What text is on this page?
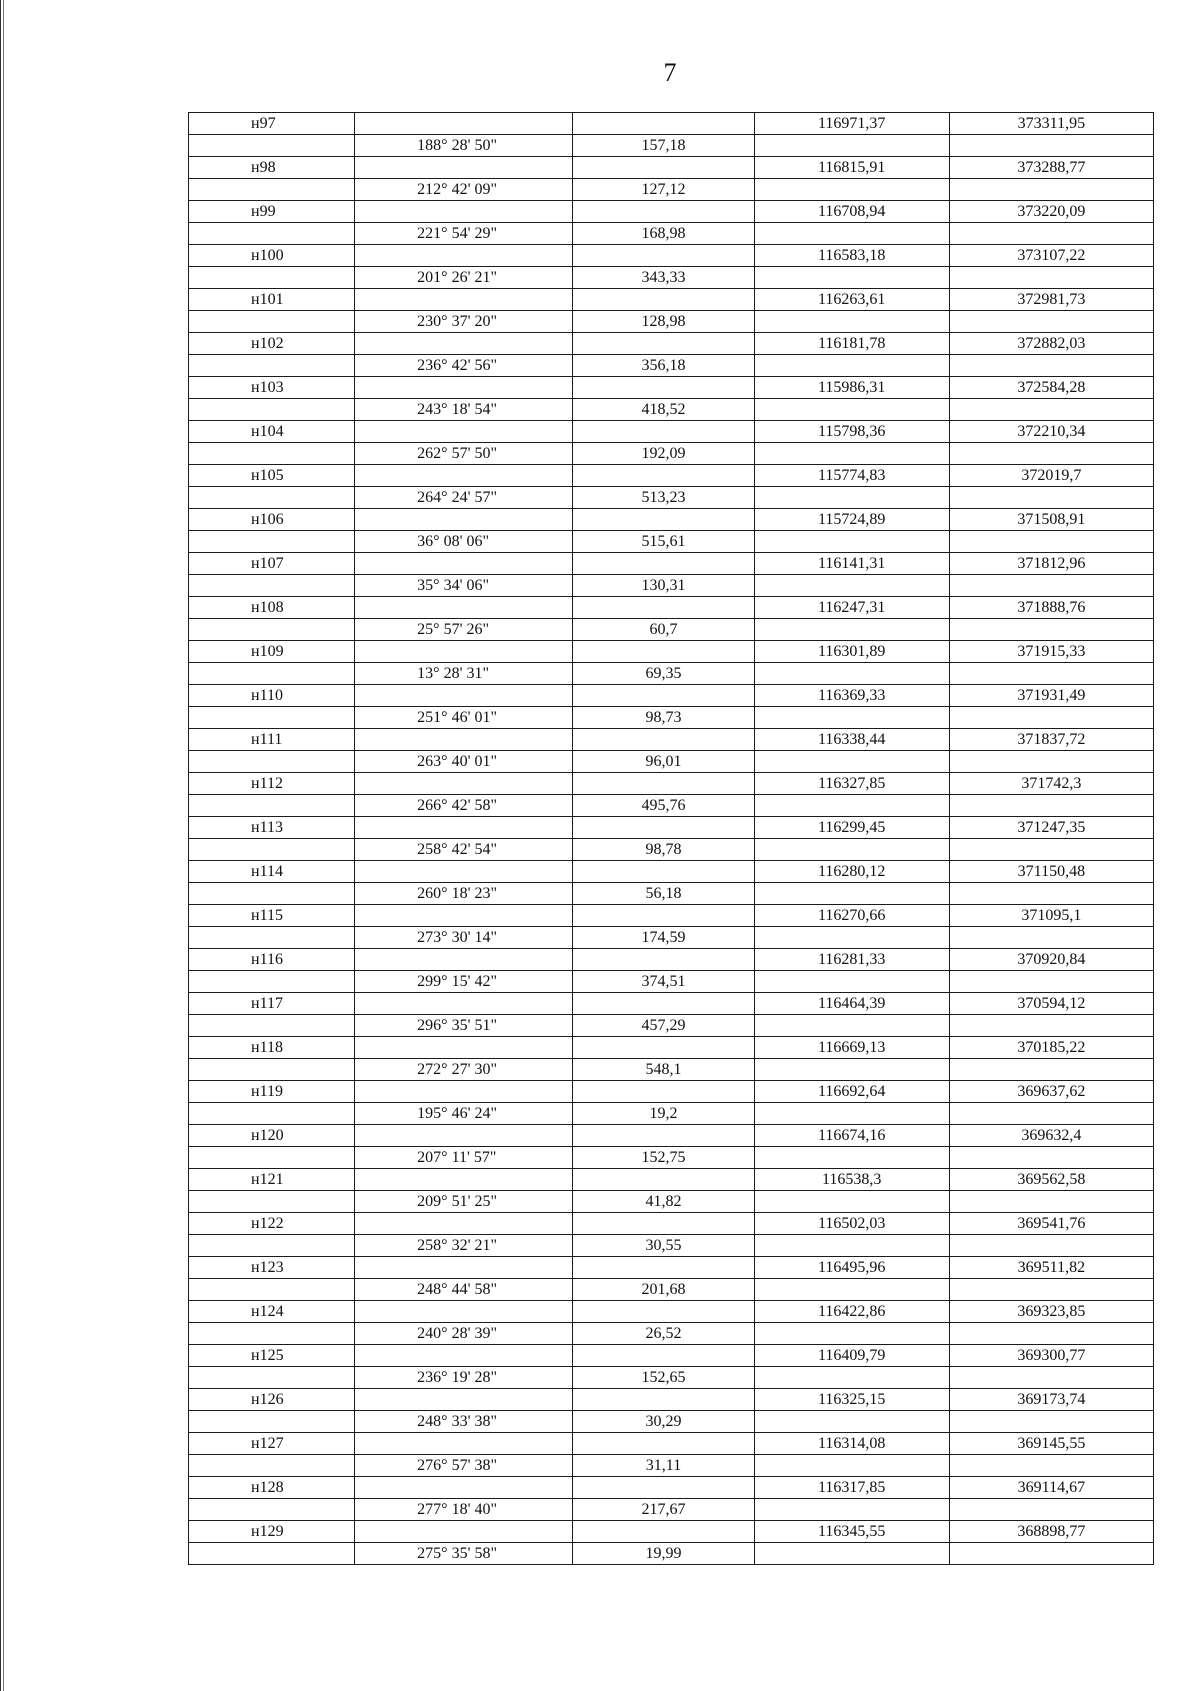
7
н97			116971,37	373311,95
	188° 28' 50"	157,18		
н98			116815,91	373288,77
	212° 42' 09"	127,12		
н99			116708,94	373220,09
	221° 54' 29"	168,98		
н100			116583,18	373107,22
	201° 26' 21"	343,33		
н101			116263,61	372981,73
	230° 37' 20"	128,98		
н102			116181,78	372882,03
	236° 42' 56"	356,18		
н103			115986,31	372584,28
	243° 18' 54"	418,52		
н104			115798,36	372210,34
	262° 57' 50"	192,09		
н105			115774,83	372019,7
	264° 24' 57"	513,23		
н106			115724,89	371508,91
	36° 08' 06"	515,61		
н107			116141,31	371812,96
	35° 34' 06"	130,31		
н108			116247,31	371888,76
	25° 57' 26"	60,7		
н109			116301,89	371915,33
	13° 28' 31"	69,35		
н110			116369,33	371931,49
	251° 46' 01"	98,73		
н111			116338,44	371837,72
	263° 40' 01"	96,01		
н112			116327,85	371742,3
	266° 42' 58"	495,76		
н113			116299,45	371247,35
	258° 42' 54"	98,78		
н114			116280,12	371150,48
	260° 18' 23"	56,18		
н115			116270,66	371095,1
	273° 30' 14"	174,59		
н116			116281,33	370920,84
	299° 15' 42"	374,51		
н117			116464,39	370594,12
	296° 35' 51"	457,29		
н118			116669,13	370185,22
	272° 27' 30"	548,1		
н119			116692,64	369637,62
	195° 46' 24"	19,2		
н120			116674,16	369632,4
	207° 11' 57"	152,75		
н121			116538,3	369562,58
	209° 51' 25"	41,82		
н122			116502,03	369541,76
	258° 32' 21"	30,55		
н123			116495,96	369511,82
	248° 44' 58"	201,68		
н124			116422,86	369323,85
	240° 28' 39"	26,52		
н125			116409,79	369300,77
	236° 19' 28"	152,65		
н126			116325,15	369173,74
	248° 33' 38"	30,29		
н127			116314,08	369145,55
	276° 57' 38"	31,11		
н128			116317,85	369114,67
	277° 18' 40"	217,67		
н129			116345,55	368898,77
	275° 35' 58"	19,99		
